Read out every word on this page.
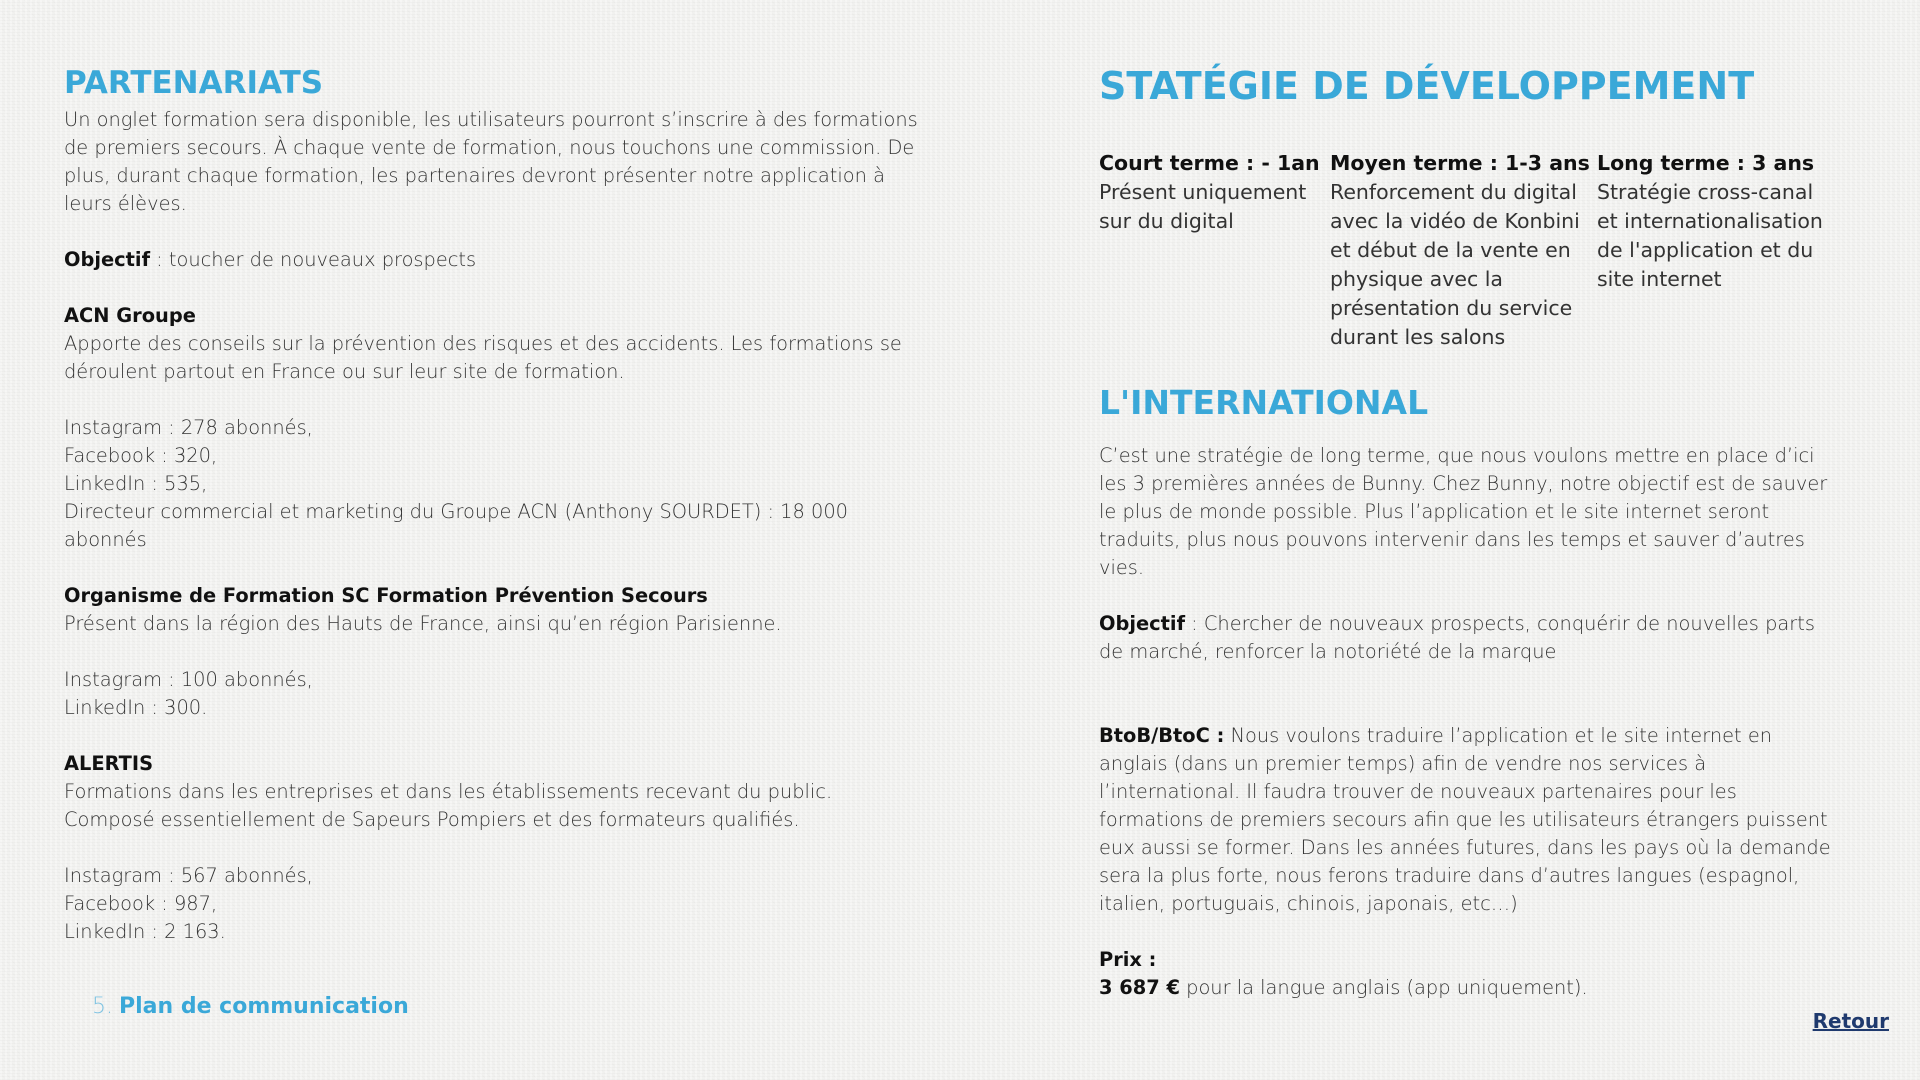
PARTENARIATS

Un onglet formation sera disponible, les utilisateurs pourront s’inscrire à des formations de premiers secours. À chaque vente de formation, nous touchons une commission. De plus, durant chaque formation, les partenaires devront présenter notre application à leurs élèves.

Objectif : toucher de nouveaux prospects

ACN Groupe

Apporte des conseils sur la prévention des risques et des accidents. Les formations se déroulent partout en France ou sur leur site de formation.

Instagram : 278 abonnés,

Facebook : 320,

LinkedIn : 535,

Directeur commercial et marketing du Groupe ACN (Anthony SOURDET) : 18 000 abonnés

Organisme de Formation SC Formation Prévention Secours

Présent dans la région des Hauts de France, ainsi qu’en région Parisienne.

Instagram : 100 abonnés,

LinkedIn : 300.

ALERTIS

Formations dans les entreprises et dans les établissements recevant du public. Composé essentiellement de Sapeurs Pompiers et des formateurs qualifiés.

Instagram : 567 abonnés,

Facebook : 987,

LinkedIn : 2 163.

STATÉGIE DE DÉVELOPPEMENT
Court terme : - 1an
Présent uniquement sur du digital
Moyen terme : 1-3 ans
Renforcement du digital avec la vidéo de Konbini et début de la vente en physique avec la présentation du service durant les salons
Long terme : 3 ans
Stratégie cross-canal et internationalisation de l'application et du site internet
L'INTERNATIONAL

C’est une stratégie de long terme, que nous voulons mettre en place d’ici les 3 premières années de Bunny. Chez Bunny, notre objectif est de sauver le plus de monde possible. Plus l’application et le site internet seront traduits, plus nous pouvons intervenir dans les temps et sauver d’autres vies.

Objectif : Chercher de nouveaux prospects, conquérir de nouvelles parts de marché, renforcer la notoriété de la marque

BtoB/BtoC : Nous voulons traduire l’application et le site internet en anglais (dans un premier temps) afin de vendre nos services à l’international. Il faudra trouver de nouveaux partenaires pour les formations de premiers secours afin que les utilisateurs étrangers puissent eux aussi se former. Dans les années futures, dans les pays où la demande sera la plus forte, nous ferons traduire dans d’autres langues (espagnol, italien, portuguais, chinois, japonais, etc…)

Prix :

3 687 € pour la langue anglais (app uniquement).

5. Plan de communication
Retour
